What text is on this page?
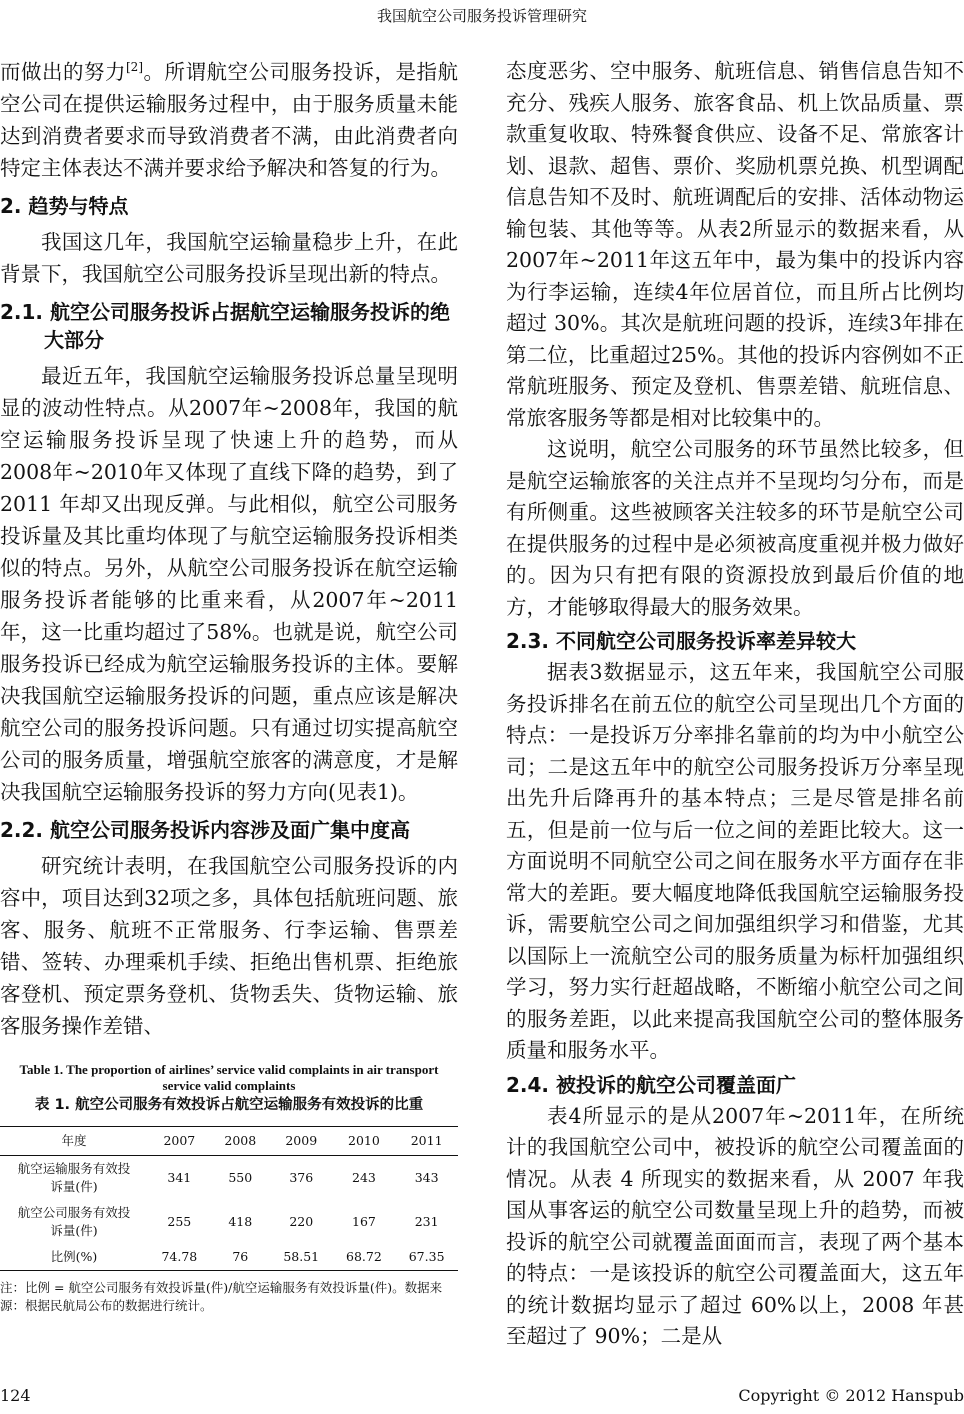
我国航空公司服务投诉管理研究

而做出的努力[2]。所谓航空公司服务投诉，是指航空公司在提供运输服务过程中，由于服务质量未能达到消费者要求而导致消费者不满，由此消费者向特定主体表达不满并要求给予解决和答复的行为。

2. 趋势与特点

我国这几年，我国航空运输量稳步上升，在此背景下，我国航空公司服务投诉呈现出新的特点。

2.1. 航空公司服务投诉占据航空运输服务投诉的绝大部分

最近五年，我国航空运输服务投诉总量呈现明显的波动性特点。从2007年~2008年，我国的航空运输服务投诉呈现了快速上升的趋势，而从2008年~2010年又体现了直线下降的趋势，到了 2011 年却又出现反弹。与此相似，航空公司服务投诉量及其比重均体现了与航空运输服务投诉相类似的特点。另外，从航空公司服务投诉在航空运输服务投诉者能够的比重来看，从2007年~2011年，这一比重均超过了58%。也就是说，航空公司服务投诉已经成为航空运输服务投诉的主体。要解决我国航空运输服务投诉的问题，重点应该是解决航空公司的服务投诉问题。只有通过切实提高航空公司的服务质量，增强航空旅客的满意度，才是解决我国航空运输服务投诉的努力方向(见表1)。

2.2. 航空公司服务投诉内容涉及面广集中度高

研究统计表明，在我国航空公司服务投诉的内容中，项目达到32项之多，具体包括航班问题、旅客、服务、航班不正常服务、行李运输、售票差错、签转、办理乘机手续、拒绝出售机票、拒绝旅客登机、预定票务登机、货物丢失、货物运输、旅客服务操作差错、

Table 1. The proportion of airlines’ service valid complaints in air transport service valid complaints
表 1. 航空公司服务有效投诉占航空运输服务有效投诉的比重
年度	2007	2008	2009	2010	2011
航空运输服务有效投诉量(件)	341	550	376	243	343
航空公司服务有效投诉量(件)	255	418	220	167	231
比例(%)	74.78	76	58.51	68.72	67.35
注：比例 = 航空公司服务有效投诉量(件)/航空运输服务有效投诉量(件)。数据来源：根据民航局公布的数据进行统计。

态度恶劣、空中服务、航班信息、销售信息告知不充分、残疾人服务、旅客食品、机上饮品质量、票款重复收取、特殊餐食供应、设备不足、常旅客计划、退款、超售、票价、奖励机票兑换、机型调配信息告知不及时、航班调配后的安排、活体动物运输包装、其他等等。从表2所显示的数据来看，从2007年~2011年这五年中，最为集中的投诉内容为行李运输，连续4年位居首位，而且所占比例均超过 30%。其次是航班问题的投诉，连续3年排在第二位，比重超过25%。其他的投诉内容例如不正常航班服务、预定及登机、售票差错、航班信息、常旅客服务等都是相对比较集中的。

这说明，航空公司服务的环节虽然比较多，但是航空运输旅客的关注点并不呈现均匀分布，而是有所侧重。这些被顾客关注较多的环节是航空公司在提供服务的过程中是必须被高度重视并极力做好的。因为只有把有限的资源投放到最后价值的地方，才能够取得最大的服务效果。

2.3. 不同航空公司服务投诉率差异较大

据表3数据显示，这五年来，我国航空公司服务投诉排名在前五位的航空公司呈现出几个方面的特点：一是投诉万分率排名靠前的均为中小航空公司；二是这五年中的航空公司服务投诉万分率呈现出先升后降再升的基本特点；三是尽管是排名前五，但是前一位与后一位之间的差距比较大。这一方面说明不同航空公司之间在服务水平方面存在非常大的差距。要大幅度地降低我国航空运输服务投诉，需要航空公司之间加强组织学习和借鉴，尤其以国际上一流航空公司的服务质量为标杆加强组织学习，努力实行赶超战略，不断缩小航空公司之间的服务差距，以此来提高我国航空公司的整体服务质量和服务水平。

2.4. 被投诉的航空公司覆盖面广

表4所显示的是从2007年~2011年，在所统计的我国航空公司中，被投诉的航空公司覆盖面的情况。从表 4 所现实的数据来看，从 2007 年我国从事客运的航空公司数量呈现上升的趋势，而被投诉的航空公司就覆盖面面而言，表现了两个基本的特点：一是该投诉的航空公司覆盖面大，这五年的统计数据均显示了超过 60%以上，2008 年甚至超过了 90%；二是从

124	Copyright © 2012 Hanspub
